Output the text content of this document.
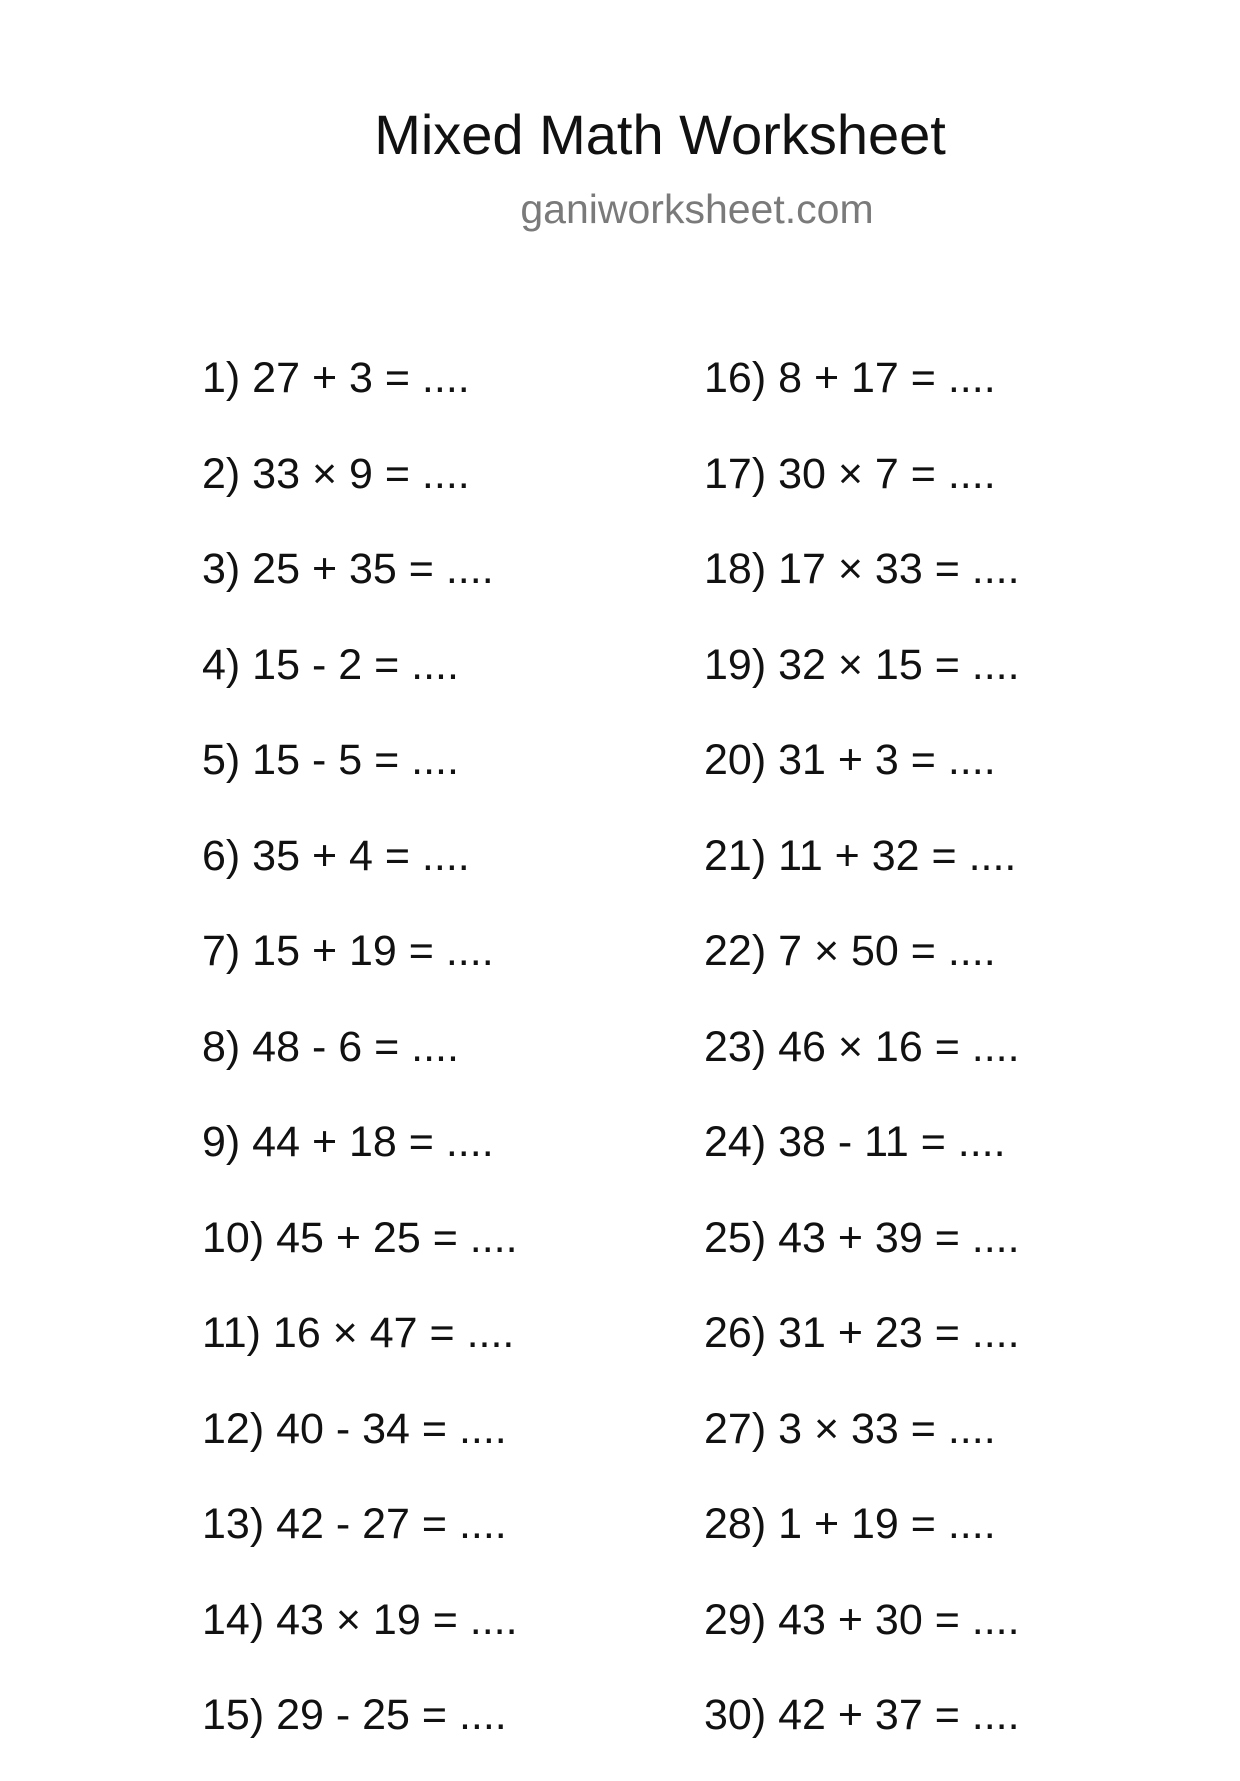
Mixed Math Worksheet
ganiworksheet.com
1) 27 + 3 = ....
2) 33 × 9 = ....
3) 25 + 35 = ....
4) 15 - 2 = ....
5) 15 - 5 = ....
6) 35 + 4 = ....
7) 15 + 19 = ....
8) 48 - 6 = ....
9) 44 + 18 = ....
10) 45 + 25 = ....
11) 16 × 47 = ....
12) 40 - 34 = ....
13) 42 - 27 = ....
14) 43 × 19 = ....
15) 29 - 25 = ....
16) 8 + 17 = ....
17) 30 × 7 = ....
18) 17 × 33 = ....
19) 32 × 15 = ....
20) 31 + 3 = ....
21) 11 + 32 = ....
22) 7 × 50 = ....
23) 46 × 16 = ....
24) 38 - 11 = ....
25) 43 + 39 = ....
26) 31 + 23 = ....
27) 3 × 33 = ....
28) 1 + 19 = ....
29) 43 + 30 = ....
30) 42 + 37 = ....
